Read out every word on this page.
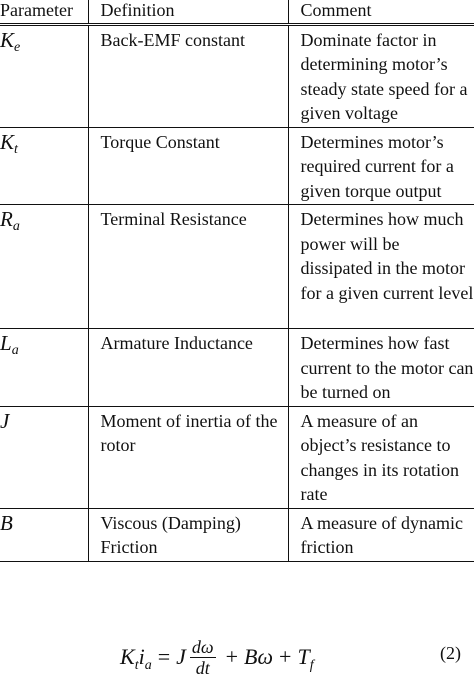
Parameter	Definition	Comment
$K_e$	Back-EMF constant	Dominate factor in determining motor’s steady state speed for a given voltage
$K_t$	Torque Constant	Determines motor’s required current for a given torque output
$R_a$	Terminal Resistance	Determines how much power will be dissipated in the motor for a given current level
$L_a$	Armature Inductance	Determines how fast current to the motor can be turned on
J	Moment of inertia of the rotor	A measure of an object’s resistance to changes in its rotation rate
B	Viscous (Damping) Friction	A measure of dynamic friction
$K_ti_a = J \frac{d\omega}{dt} + B\omega + T_f$
(2)
